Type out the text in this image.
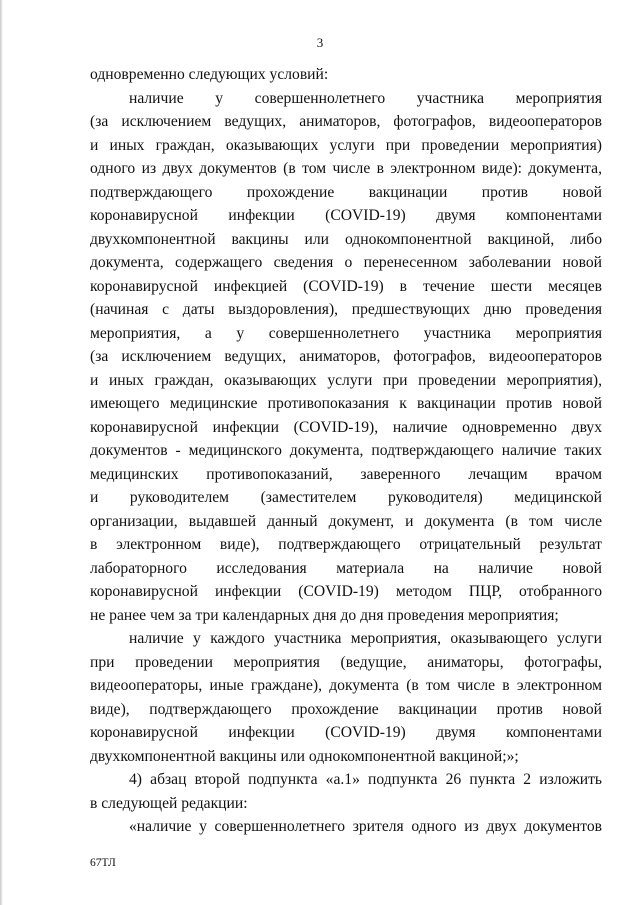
3
одновременно следующих условий:
наличие у совершеннолетнего участника мероприятия
(за исключением ведущих, аниматоров, фотографов, видеооператоров
и иных граждан, оказывающих услуги при проведении мероприятия)
одного из двух документов (в том числе в электронном виде): документа,
подтверждающего прохождение вакцинации против новой
коронавирусной инфекции (COVID-19) двумя компонентами
двухкомпонентной вакцины или однокомпонентной вакциной, либо
документа, содержащего сведения о перенесенном заболевании новой
коронавирусной инфекцией (COVID-19) в течение шести месяцев
(начиная с даты выздоровления), предшествующих дню проведения
мероприятия, а у совершеннолетнего участника мероприятия
(за исключением ведущих, аниматоров, фотографов, видеооператоров
и иных граждан, оказывающих услуги при проведении мероприятия),
имеющего медицинские противопоказания к вакцинации против новой
коронавирусной инфекции (COVID-19), наличие одновременно двух
документов - медицинского документа, подтверждающего наличие таких
медицинских противопоказаний, заверенного лечащим врачом
и руководителем (заместителем руководителя) медицинской
организации, выдавшей данный документ, и документа (в том числе
в электронном виде), подтверждающего отрицательный результат
лабораторного исследования материала на наличие новой
коронавирусной инфекции (COVID-19) методом ПЦР, отобранного
не ранее чем за три календарных дня до дня проведения мероприятия;
наличие у каждого участника мероприятия, оказывающего услуги
при проведении мероприятия (ведущие, аниматоры, фотографы,
видеооператоры, иные граждане), документа (в том числе в электронном
виде), подтверждающего прохождение вакцинации против новой
коронавирусной инфекции (COVID-19) двумя компонентами
двухкомпонентной вакцины или однокомпонентной вакциной;»;
4) абзац второй подпункта «а.1» подпункта 26 пункта 2 изложить
в следующей редакции:
«наличие у совершеннолетнего зрителя одного из двух документов
67ТЛ
